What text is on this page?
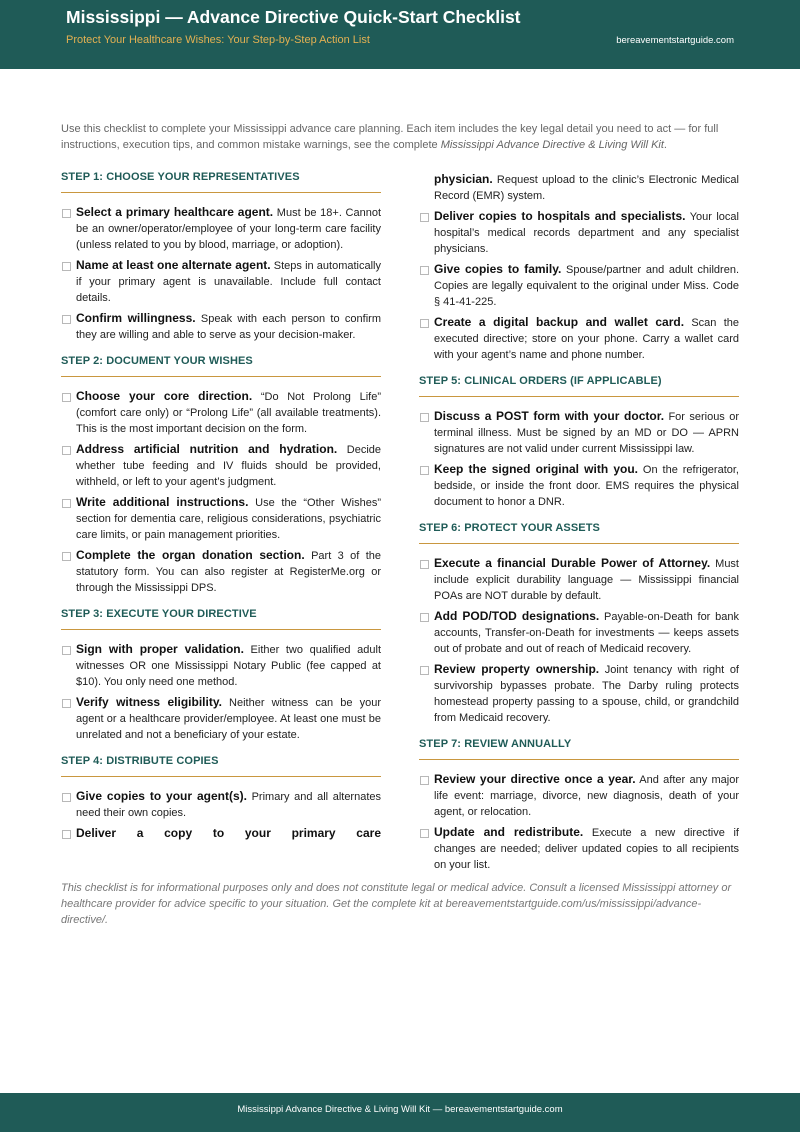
Mississippi — Advance Directive Quick-Start Checklist
Protect Your Healthcare Wishes: Your Step-by-Step Action List	bereavementstartguide.com
Use this checklist to complete your Mississippi advance care planning. Each item includes the key legal detail you need to act — for full instructions, execution tips, and common mistake warnings, see the complete Mississippi Advance Directive & Living Will Kit.
STEP 1: CHOOSE YOUR REPRESENTATIVES
Select a primary healthcare agent. Must be 18+. Cannot be an owner/operator/employee of your long-term care facility (unless related to you by blood, marriage, or adoption).
Name at least one alternate agent. Steps in automatically if your primary agent is unavailable. Include full contact details.
Confirm willingness. Speak with each person to confirm they are willing and able to serve as your decision-maker.
STEP 2: DOCUMENT YOUR WISHES
Choose your core direction. “Do Not Prolong Life” (comfort care only) or “Prolong Life” (all available treatments). This is the most important decision on the form.
Address artificial nutrition and hydration. Decide whether tube feeding and IV fluids should be provided, withheld, or left to your agent’s judgment.
Write additional instructions. Use the “Other Wishes” section for dementia care, religious considerations, psychiatric care limits, or pain management priorities.
Complete the organ donation section. Part 3 of the statutory form. You can also register at RegisterMe.org or through the Mississippi DPS.
STEP 3: EXECUTE YOUR DIRECTIVE
Sign with proper validation. Either two qualified adult witnesses OR one Mississippi Notary Public (fee capped at $10). You only need one method.
Verify witness eligibility. Neither witness can be your agent or a healthcare provider/employee. At least one must be unrelated and not a beneficiary of your estate.
STEP 4: DISTRIBUTE COPIES
Give copies to your agent(s). Primary and all alternates need their own copies.
Deliver a copy to your primary care
physician. Request upload to the clinic’s Electronic Medical Record (EMR) system.
Deliver copies to hospitals and specialists. Your local hospital’s medical records department and any specialist physicians.
Give copies to family. Spouse/partner and adult children. Copies are legally equivalent to the original under Miss. Code § 41-41-225.
Create a digital backup and wallet card. Scan the executed directive; store on your phone. Carry a wallet card with your agent’s name and phone number.
STEP 5: CLINICAL ORDERS (IF APPLICABLE)
Discuss a POST form with your doctor. For serious or terminal illness. Must be signed by an MD or DO — APRN signatures are not valid under current Mississippi law.
Keep the signed original with you. On the refrigerator, bedside, or inside the front door. EMS requires the physical document to honor a DNR.
STEP 6: PROTECT YOUR ASSETS
Execute a financial Durable Power of Attorney. Must include explicit durability language — Mississippi financial POAs are NOT durable by default.
Add POD/TOD designations. Payable-on-Death for bank accounts, Transfer-on-Death for investments — keeps assets out of probate and out of reach of Medicaid recovery.
Review property ownership. Joint tenancy with right of survivorship bypasses probate. The Darby ruling protects homestead property passing to a spouse, child, or grandchild from Medicaid recovery.
STEP 7: REVIEW ANNUALLY
Review your directive once a year. And after any major life event: marriage, divorce, new diagnosis, death of your agent, or relocation.
Update and redistribute. Execute a new directive if changes are needed; deliver updated copies to all recipients on your list.
This checklist is for informational purposes only and does not constitute legal or medical advice. Consult a licensed Mississippi attorney or healthcare provider for advice specific to your situation. Get the complete kit at bereavementstartguide.com/us/mississippi/advance-directive/.
Mississippi Advance Directive & Living Will Kit — bereavementstartguide.com
